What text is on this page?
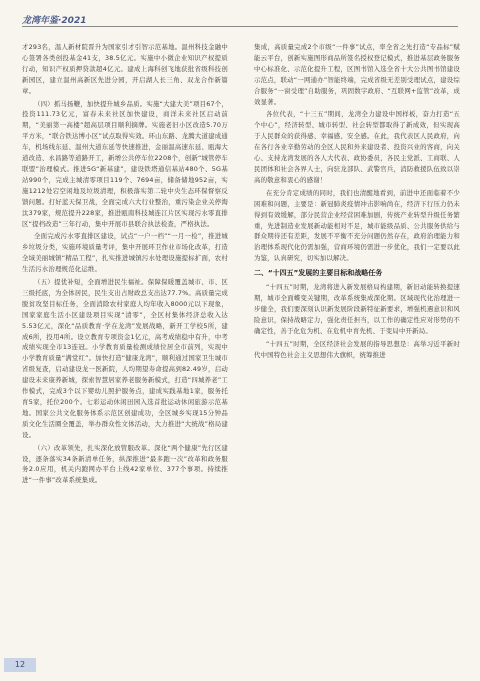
龙湾年鉴·2021

才293名，温人新材院晋升为国家引才引智示范基地。温州科技金融中心签署各类创投基金41支，38.5亿元。实施中小微企业知识产权提质行动，知识产权质押贷款超4亿元。建成上海科创飞地获批省级科技创新园区，建立温州高新区先进分园，开启湖人长三角、双龙合作新篇章。

（四）抓马扬鞭，加快提升城乡品质。实施“大建大美”项目67个，投资111.73亿元，富春未来社区加快建设，商洋未来社区启动前期，“美丽第一高楼”超高层项目顺利摘牌。实施老旧小区改造5.70万平方米，“联合铁达博小区”试点取得实效。环山东路、龙腾大道建成通车，机场线东延、温州大道东延等快速推进，金丽温高速东延、瓯海大道改造、永昌路等道路开工，新增公共停车位2208个，创新“城管停车联盟”治理模式。推进5G“新基建”，建设铁塔通信基站480个、5G基站990个，完成主城清零项目119个、7694亩，储备储地952亩，实施1212处宕空闲地及垃圾清理，积极落实第二轮中央生态环保督察反馈问题。打好蓝天保卫战，全面完成六大行业整治，重污染企业关停淘汰379家，规范提升228家，推进瓯南科技城连江片区实现污水零直排区“提档改造”三年行动，集中开展市县联合执法检查，严格执法。

全面完成污水零直排区建设，试点“一户一档”“一月一检”，推进城乡垃圾分类，实施环境质量考评，集中开展环卫作业市场化改革，打造全域美丽城镇“精品工程”，扎实推进城镇污水处理设施提标扩面，农村生活污水治理规范化运维。

（五）提优补短，全面增进民生福祉。保障保暖覆盖城市、市、区三级托底，为全体居民，民生支出占财政总支出达77.7%。高质量完成脱贫攻坚目标任务，全面消除农村家庭人均年收入8000元以下现象，国家家庭生活小区建设项目实现“清零”，全区村集体经济总收入达5.53亿元，深化“品质教育·学在龙湾”发展战略，新开工学校5所，建成6所，投用4所。设立教育专项资金1亿元，高考成绩稳中有升，中考成绩实现全市13连冠。小学教育质量检测成绩位居全市前列，实现中小学教育质量“满堂红”。加快打造“健康龙湾”，顺利通过国家卫生城市省级复查，启动建设龙一医新院，人均期望寿命提高到82.49岁，启动建设未来康养新城，探索智慧居家养老服务新模式，打造“四城养老”工作模式，完成3个以下婴幼儿照护服务点，建成实践基地1家，服务托育5家，托位200个。七彩运动休闲田园入选首批运动休闲旅游示范基地。国家公共文化服务体系示范区创建成功，全区城乡实现15分钟品质文化生活圈全覆盖，举办群众性文体活动，大力推进“大统战”格局建设。

（六）改革领先，扎实深化放管服改革。深化“两个健康”先行区建设，逐条落实34条新清单任务，纵深推进“最多跑一次”改革和政务服务2.0应用，机关内跑网办平台上线42家单位、377个事项。持续推进“一件事”改革系统集成。

集成，高质量完成2个市级“一件事”试点，率全省之先打造“专品标”赋能云平台，创新实施图形商品所签名授权登记模式，推进基层政务服务中心标准化、示范化提升工程，区图书馆入选全省十大公共图书馆建设示范点，联动“一网通办”智能终端，完成省级无差别受理试点，建设综合服务“一窗受理”自助服务，巩固数字政府、“互联网+监管”改革，成效显著。

各位代表，“十三五”期间，龙湾全力建设中国样板，奋力打造“五个中心”，经济转型、城市转型、社会转型都取得了新成效，但实现高于人民群众的获得感、幸福感、安全感。在此，我代表区人民政府，向在各行各业辛勤劳动的全区人民和外来建设者、投资兴业的客商，向关心、支持龙湾发展的各人大代表、政协委员，各民主党派、工商联、人民团体和社会各界人士，向驻龙部队、武警官兵，消防救援队伍致以崇高的敬意和衷心的感谢！

在充分肯定成绩的同时，我们也清醒地看到，前进中还面临着不少困难和问题，主要是：新冠肺炎疫情冲击影响尚在，经济下行压力仍未得到有效缓解，部分民营企业经营困难加剧，传统产业转型升级任务繁重，先进制造业发展新动能相对不足，城市能级品质、公共服务供给与群众期待还有差距，发展不平衡不充分问题仍然存在，政府治理能力和治理体系现代化仍需加强，营商环境仍需进一步优化，我们一定要以此为鉴，认真研究，切实加以解决。

二、“十四五”发展的主要目标和战略任务

“十四五”时期，龙湾将进入新发展格局构建期，新旧动能转换提速期，城市全面蝶变关键期，改革系统集成深化期。区域现代化治理进一步健全，我们要深刻认识新发展阶段新特征新要求，增强机遇意识和风险意识，保持战略定力，强化责任担当，以工作的确定性应对形势的不确定性，善于化危为机、在危机中育先机、于变局中开新局。

“十四五”时期，全区经济社会发展的指导思想是：高举习近平新时代中国特色社会主义思想伟大旗帜，统筹推进

12
